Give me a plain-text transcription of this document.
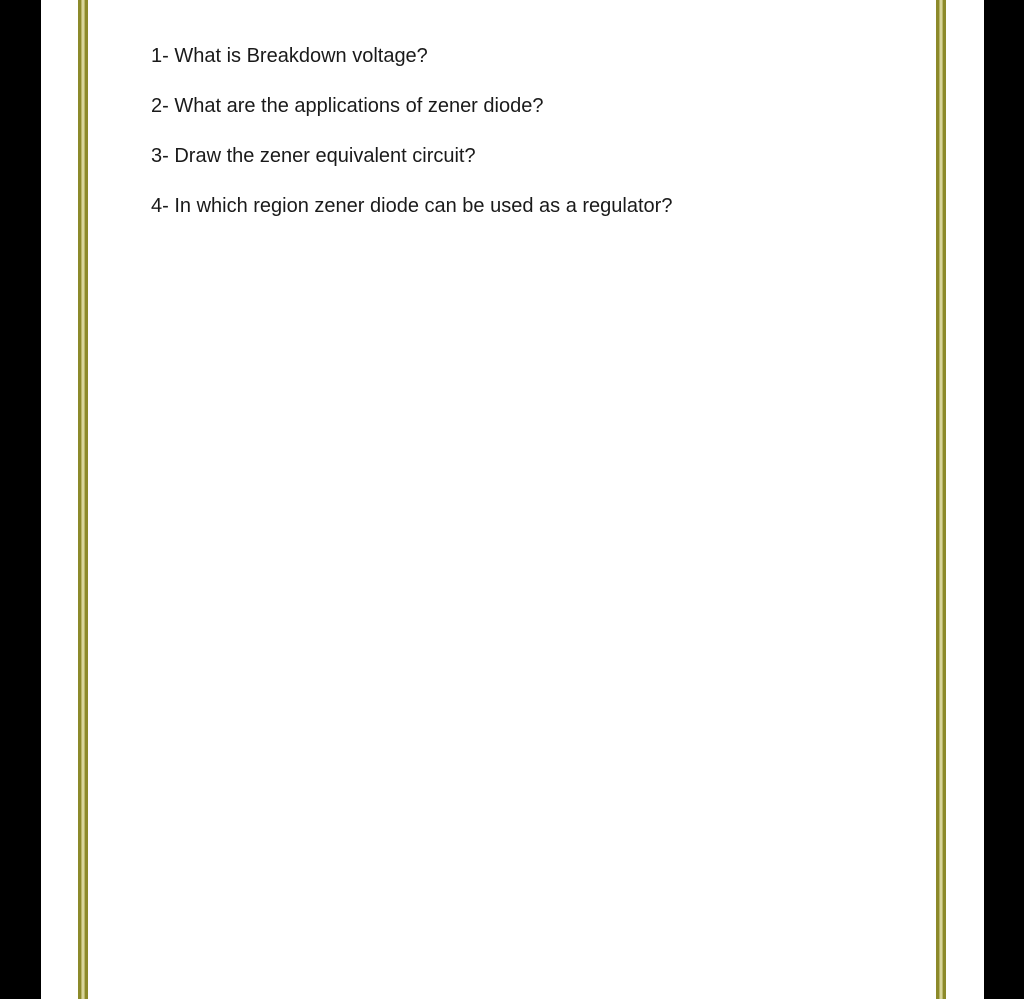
1- What is Breakdown voltage?
2- What are the applications of zener diode?
3- Draw the zener equivalent circuit?
4- In which region zener diode can be used as a regulator?
